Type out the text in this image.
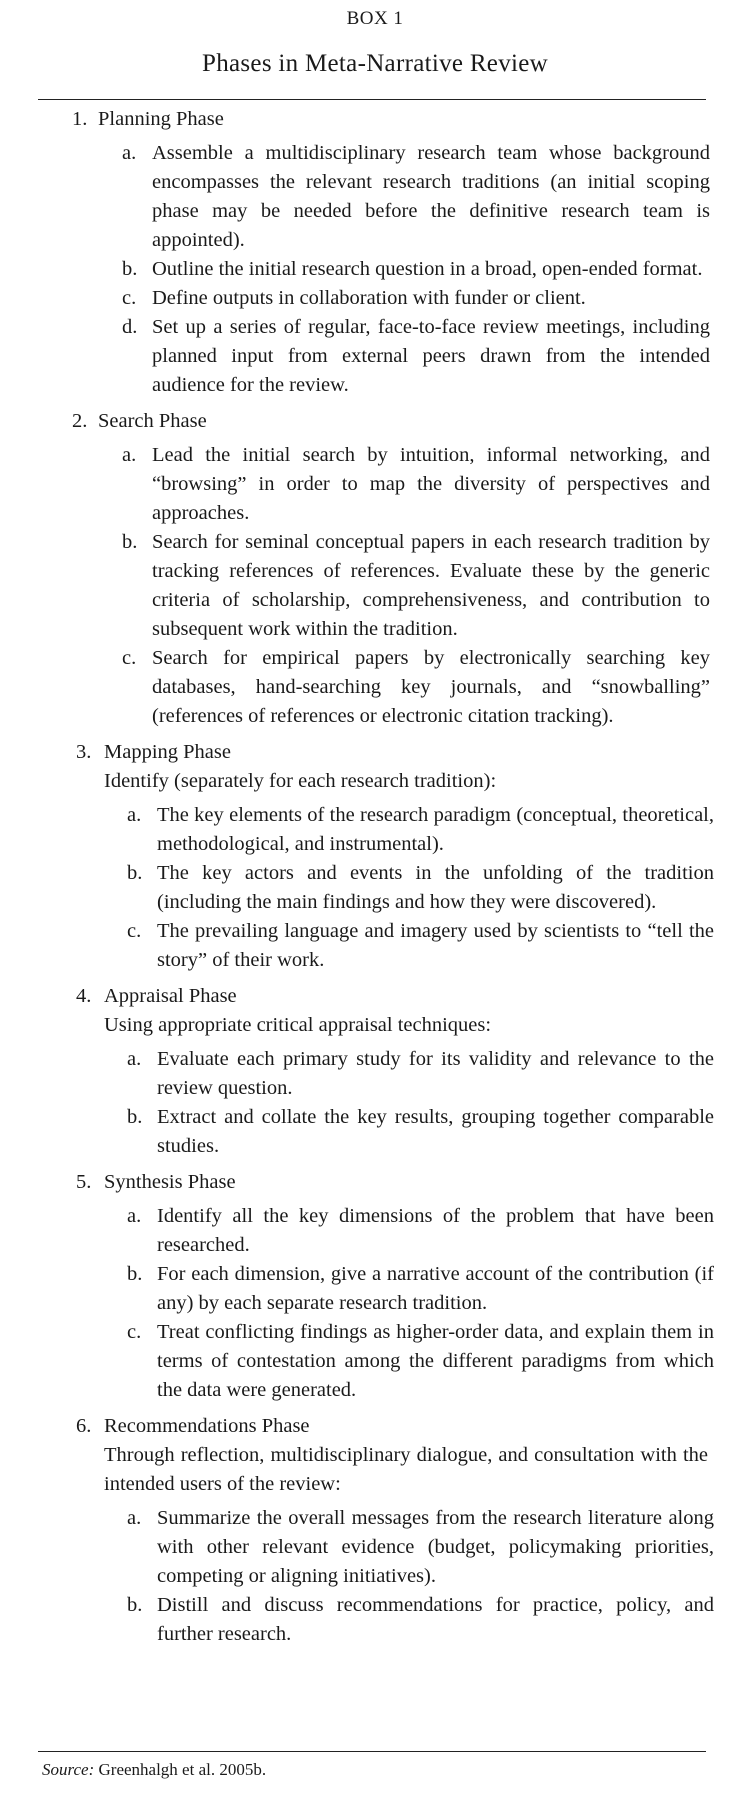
BOX 1
Phases in Meta-Narrative Review
1. Planning Phase
a. Assemble a multidisciplinary research team whose background encompasses the relevant research traditions (an initial scoping phase may be needed before the definitive research team is appointed).
b. Outline the initial research question in a broad, open-ended format.
c. Define outputs in collaboration with funder or client.
d. Set up a series of regular, face-to-face review meetings, including planned input from external peers drawn from the intended audience for the review.
2. Search Phase
a. Lead the initial search by intuition, informal networking, and “browsing” in order to map the diversity of perspectives and approaches.
b. Search for seminal conceptual papers in each research tradition by tracking references of references. Evaluate these by the generic criteria of scholarship, comprehensiveness, and contribution to subsequent work within the tradition.
c. Search for empirical papers by electronically searching key databases, hand-searching key journals, and “snowballing” (references of references or electronic citation tracking).
3. Mapping Phase
Identify (separately for each research tradition):
a. The key elements of the research paradigm (conceptual, theoretical, methodological, and instrumental).
b. The key actors and events in the unfolding of the tradition (including the main findings and how they were discovered).
c. The prevailing language and imagery used by scientists to “tell the story” of their work.
4. Appraisal Phase
Using appropriate critical appraisal techniques:
a. Evaluate each primary study for its validity and relevance to the review question.
b. Extract and collate the key results, grouping together comparable studies.
5. Synthesis Phase
a. Identify all the key dimensions of the problem that have been researched.
b. For each dimension, give a narrative account of the contribution (if any) by each separate research tradition.
c. Treat conflicting findings as higher-order data, and explain them in terms of contestation among the different paradigms from which the data were generated.
6. Recommendations Phase
Through reflection, multidisciplinary dialogue, and consultation with the intended users of the review:
a. Summarize the overall messages from the research literature along with other relevant evidence (budget, policymaking priorities, competing or aligning initiatives).
b. Distill and discuss recommendations for practice, policy, and further research.
Source: Greenhalgh et al. 2005b.
